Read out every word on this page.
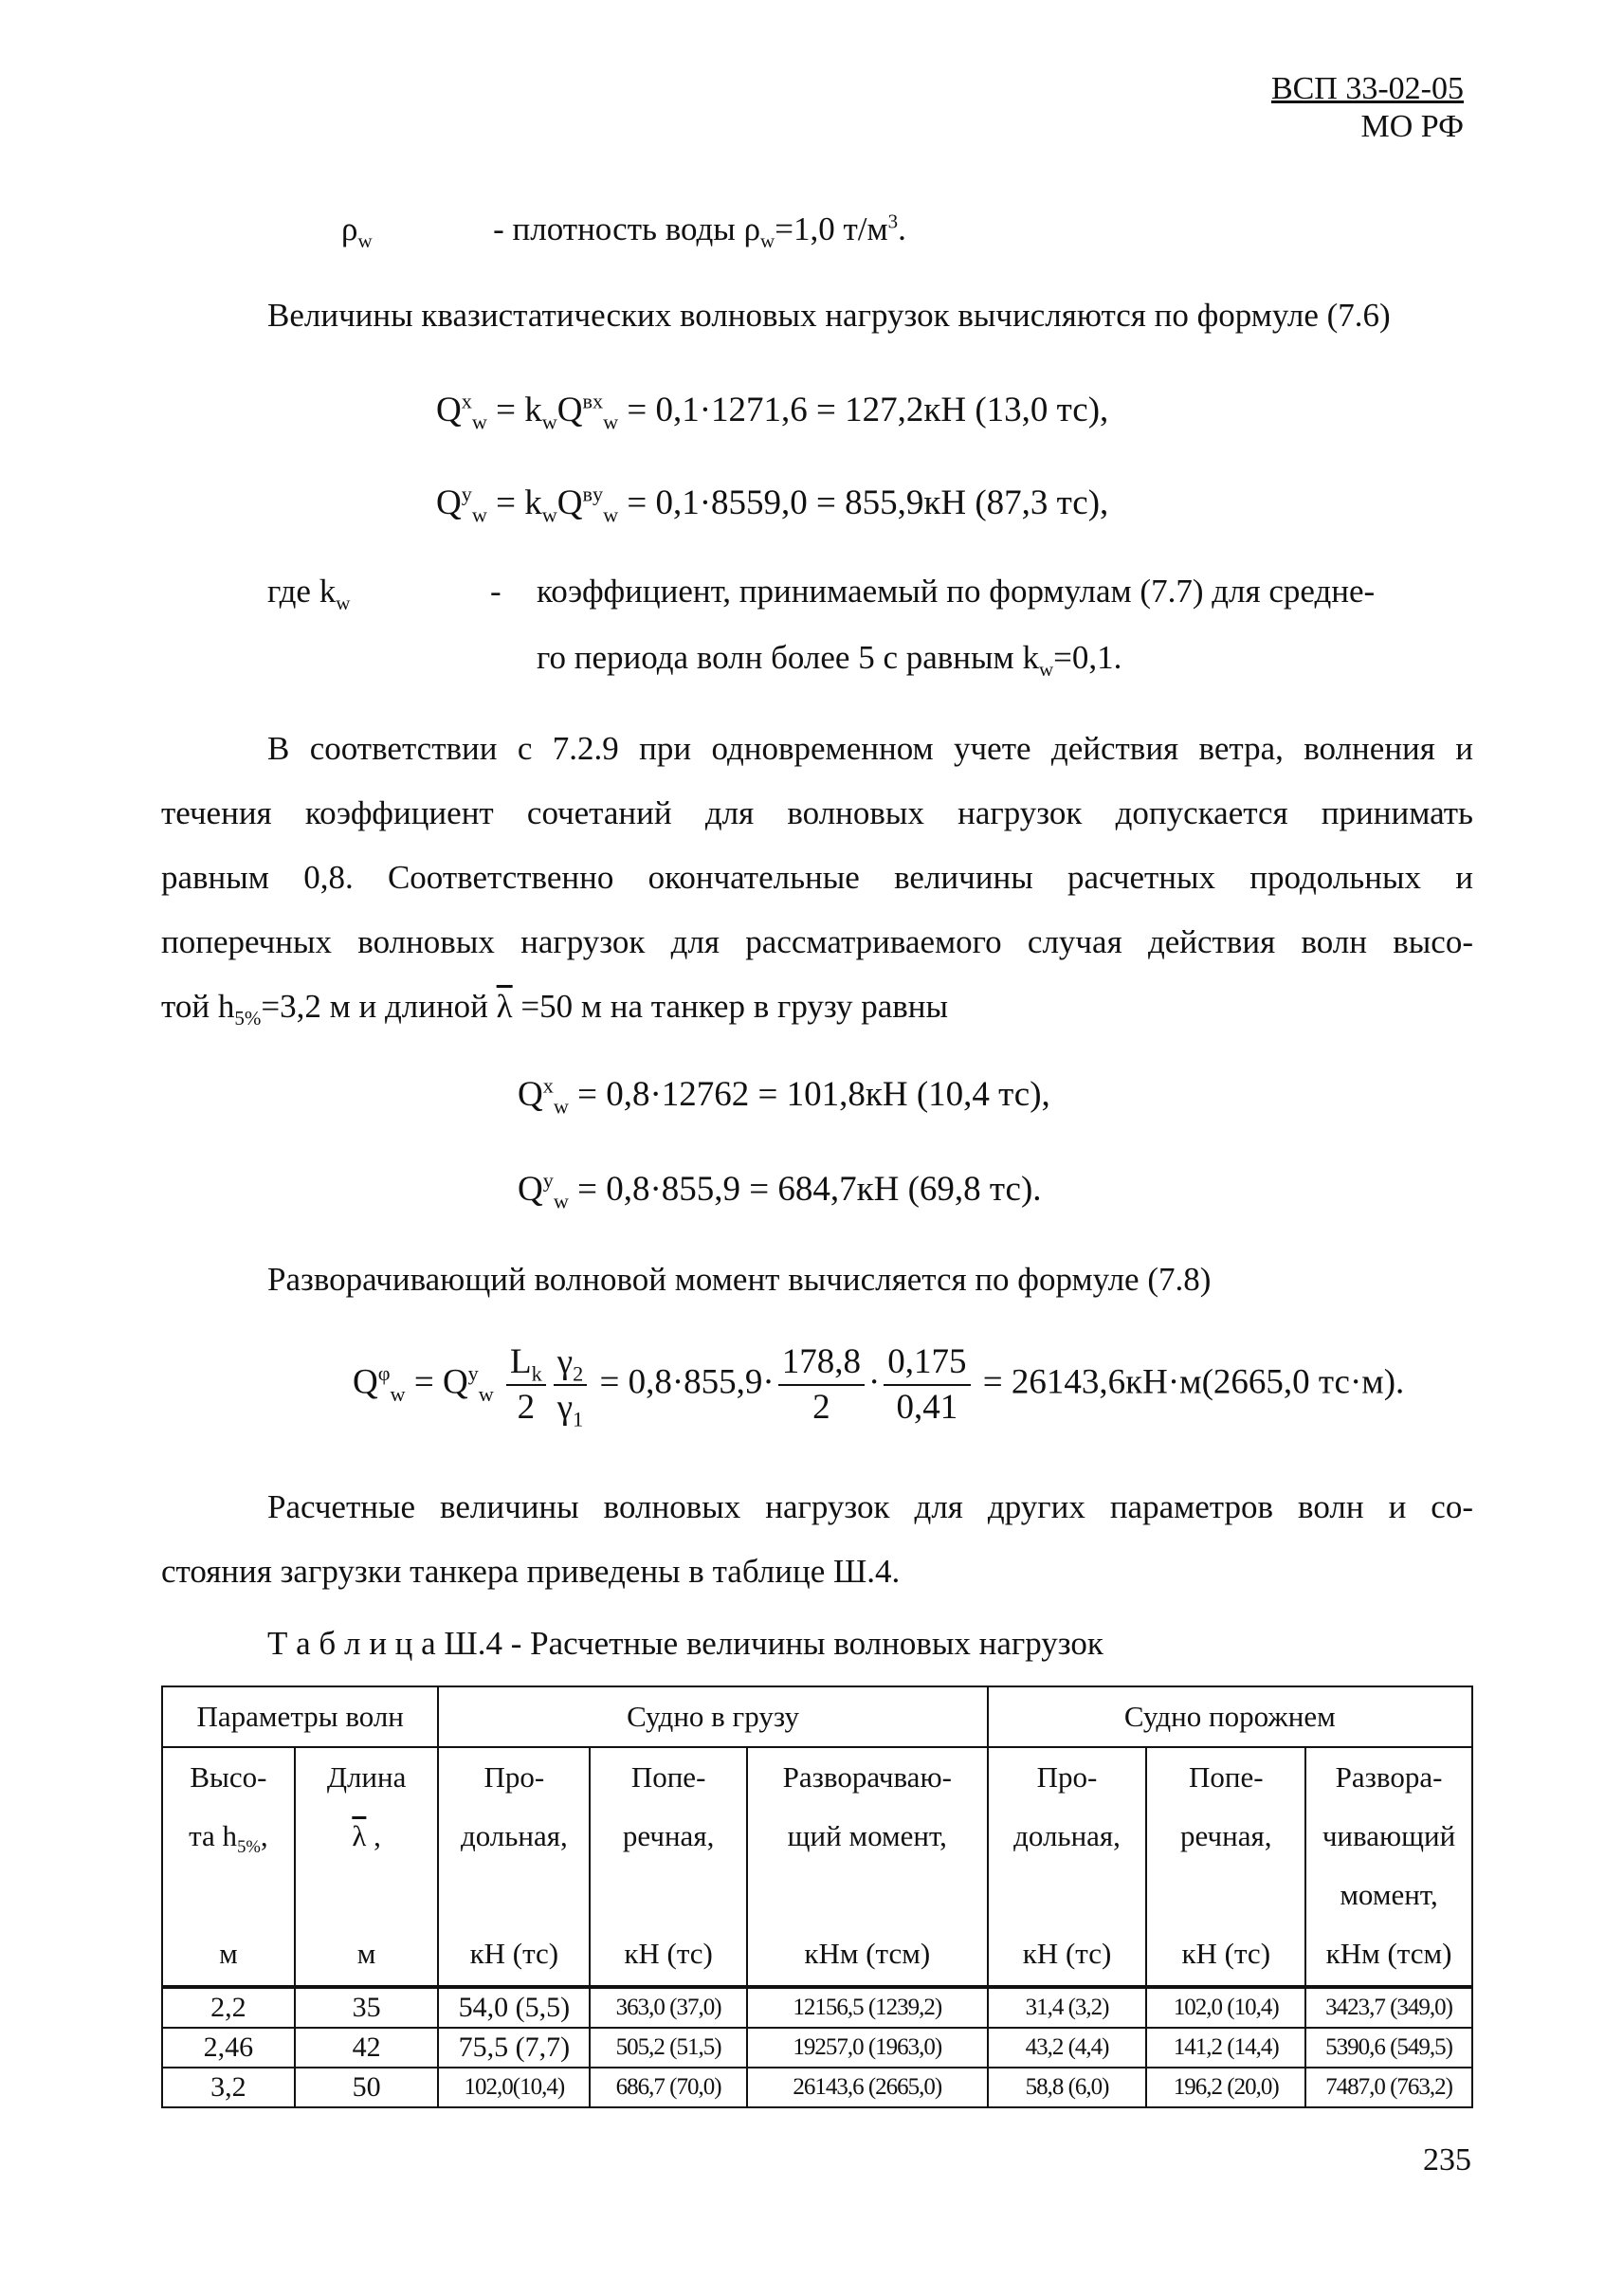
ВСП 33-02-05
МО РФ
$\rho_w$	- плотность воды $\rho_w=1,0$ $т/м^3$.
Величины квазистатических волновых нагрузок вычисляются по формуле (7.6)
$Q^x_w = k_wQ^{вх}_w = 0,1\cdot 1271,6 = 127,2кН$ (13,0 тс),
$Q^y_w = k_wQ^{вy}_w = 0,1\cdot 8559,0 = 855,9кН$ (87,3 тс),
где $k_w$	- коэффициент, принимаемый по формулам (7.7) для средне-
го периода волн более 5 с равным $k_w=0,1$.
В соответствии с 7.2.9 при одновременном учете действия ветра, волнения и
течения коэффициент сочетаний для волновых нагрузок допускается принимать
равным 0,8. Соответственно окончательные величины расчетных продольных и
поперечных волновых нагрузок для рассматриваемого случая действия волн высо-
той $h_{5\%}=3,2$ м и длиной $\overline{\lambda} =50$ м на танкер в грузу равны
$Q^x_w = 0,8\cdot 12762 = 101,8кН$ (10,4 тс),
$Q^y_w = 0,8\cdot 855,9 = 684,7кН$ (69,8 тс).
Разворачивающий волновой момент вычисляется по формуле (7.8)
$Q^\varphi_w = Q^y_w \frac{L_k}{2} \frac{\gamma_2}{\gamma_1} = 0,8\cdot 855,9\cdot \frac{178,8}{2} \cdot \frac{0,175}{0,41} = 26143,6кН\cdot м(2665,0$ тс·м).
Расчетные величины волновых нагрузок для других параметров волн и со-
стояния загрузки танкера приведены в таблице Ш.4.
Т а б л и ц а Ш.4 - Расчетные величины волновых нагрузок
Параметры волн		Судно в грузу			Судно порожнем		

Высо-
та $h_{5\%}$,
м	Длина
$\overline{\lambda}$ ,
м	Про-
дольная,
кН (тс)	Попе-
речная,
кН (тс)	Разворачваю-
щий момент,
кНм (тсм)	Про-
дольная,
кН (тс)	Попе-
речная,
кН (тс)	Развора-
чивающий
момент,
кНм (тсм)

2,2	35	54,0 (5,5)	363,0 (37,0)	12156,5 (1239,2)	31,4 (3,2)	102,0 (10,4)	3423,7 (349,0)
2,46	42	75,5 (7,7)	505,2 (51,5)	19257,0 (1963,0)	43,2 (4,4)	141,2 (14,4)	5390,6 (549,5)
3,2	50	102,0(10,4)	686,7 (70,0)	26143,6 (2665,0)	58,8 (6,0)	196,2 (20,0)	7487,0 (763,2)
235
